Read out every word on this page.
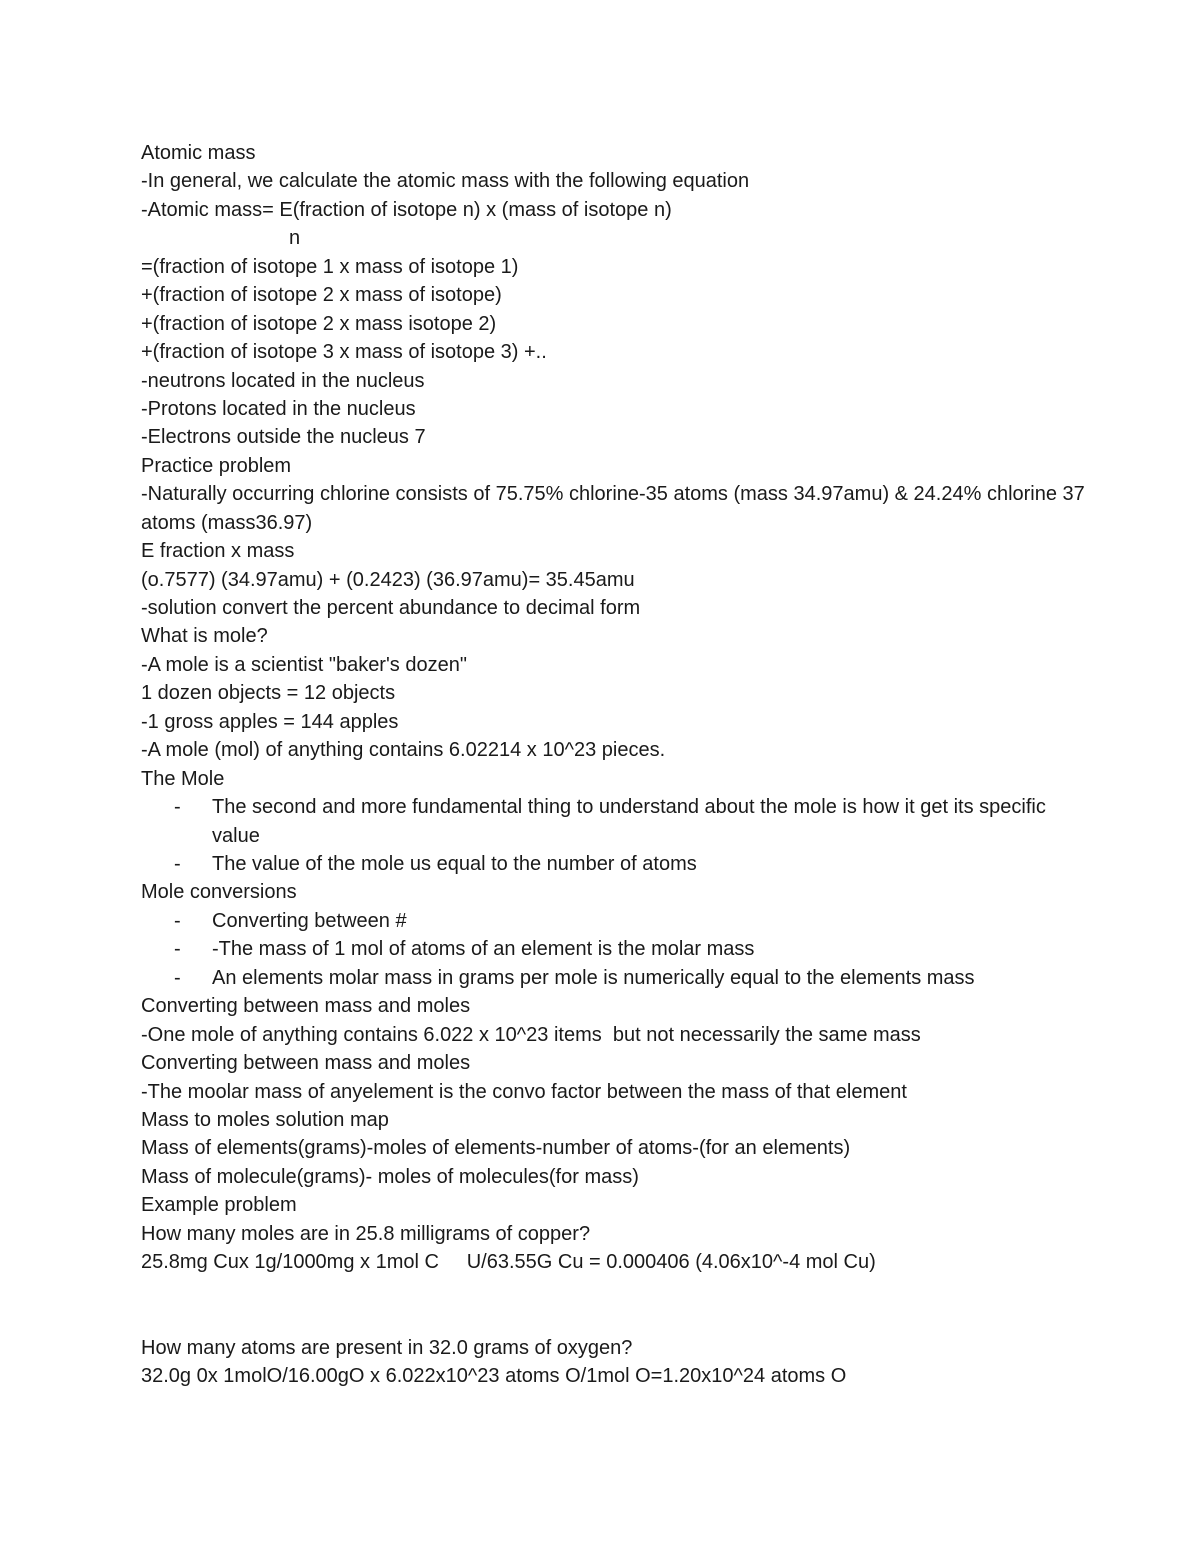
Atomic mass
-In general, we calculate the atomic mass with the following equation
-Atomic mass= E(fraction of isotope n) x (mass of isotope n)
n
=(fraction of isotope 1 x mass of isotope 1)
+(fraction of isotope 2 x mass of isotope)
+(fraction of isotope 2 x mass isotope 2)
+(fraction of isotope 3 x mass of isotope 3) +..
-neutrons located in the nucleus
-Protons located in the nucleus
-Electrons outside the nucleus 7
Practice problem
-Naturally occurring chlorine consists of 75.75% chlorine-35 atoms (mass 34.97amu) & 24.24% chlorine 37 atoms (mass36.97)
E fraction x mass
(o.7577) (34.97amu) + (0.2423) (36.97amu)= 35.45amu
-solution convert the percent abundance to decimal form
What is mole?
-A mole is a scientist "baker's dozen"
1 dozen objects = 12 objects
-1 gross apples = 144 apples
-A mole (mol) of anything contains 6.02214 x 10^23 pieces.
The Mole
- The second and more fundamental thing to understand about the mole is how it get its specific value
- The value of the mole us equal to the number of atoms
Mole conversions
- Converting between #
- -The mass of 1 mol of atoms of an element is the molar mass
- An elements molar mass in grams per mole is numerically equal to the elements mass
Converting between mass and moles
-One mole of anything contains 6.022 x 10^23 items  but not necessarily the same mass
Converting between mass and moles
-The moolar mass of anyelement is the convo factor between the mass of that element
Mass to moles solution map
Mass of elements(grams)-moles of elements-number of atoms-(for an elements)
Mass of molecule(grams)- moles of molecules(for mass)
Example problem
How many moles are in 25.8 milligrams of copper?
25.8mg Cux 1g/1000mg x 1mol C     U/63.55G Cu = 0.000406 (4.06x10^-4 mol Cu)
How many atoms are present in 32.0 grams of oxygen?
32.0g 0x 1molO/16.00gO x 6.022x10^23 atoms O/1mol O=1.20x10^24 atoms O
